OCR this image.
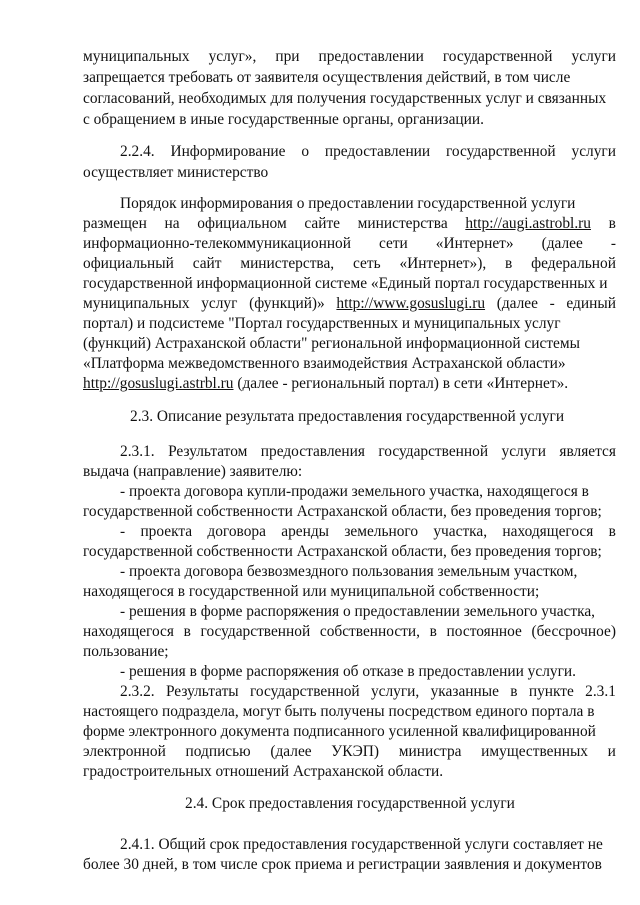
муниципальных услуг», при предоставлении государственной услуги
запрещается требовать от заявителя осуществления действий, в том числе
согласований, необходимых для получения государственных услуг и связанных
с обращением в иные государственные органы, организации.
2.2.4. Информирование о предоставлении государственной услуги
осуществляет министерство
Порядок информирования о предоставлении государственной услуги
размещен на официальном сайте министерства http://augi.astrobl.ru в
информационно-телекоммуникационной сети «Интернет» (далее -
официальный сайт министерства, сеть «Интернет»), в федеральной
государственной информационной системе «Единый портал государственных и
муниципальных услуг (функций)» http://www.gosuslugi.ru (далее - единый
портал) и подсистеме "Портал государственных и муниципальных услуг
(функций) Астраханской области" региональной информационной системы
«Платформа межведомственного взаимодействия Астраханской области»
http://gosuslugi.astrbl.ru (далее - региональный портал) в сети «Интернет».
2.3. Описание результата предоставления государственной услуги
2.3.1. Результатом предоставления государственной услуги является
выдача (направление) заявителю:
- проекта договора купли-продажи земельного участка, находящегося в
государственной собственности Астраханской области, без проведения торгов;
- проекта договора аренды земельного участка, находящегося в
государственной собственности Астраханской области, без проведения торгов;
- проекта договора безвозмездного пользования земельным участком,
находящегося в государственной или муниципальной собственности;
- решения в форме распоряжения о предоставлении земельного участка,
находящегося в государственной собственности, в постоянное (бессрочное)
пользование;
- решения в форме распоряжения об отказе в предоставлении услуги.
2.3.2. Результаты государственной услуги, указанные в пункте 2.3.1
настоящего подраздела, могут быть получены посредством единого портала в
форме электронного документа подписанного усиленной квалифицированной
электронной подписью (далее УКЭП) министра имущественных и
градостроительных отношений Астраханской области.
2.4. Срок предоставления государственной услуги
2.4.1. Общий срок предоставления государственной услуги составляет не
более 30 дней, в том числе срок приема и регистрации заявления и документов
